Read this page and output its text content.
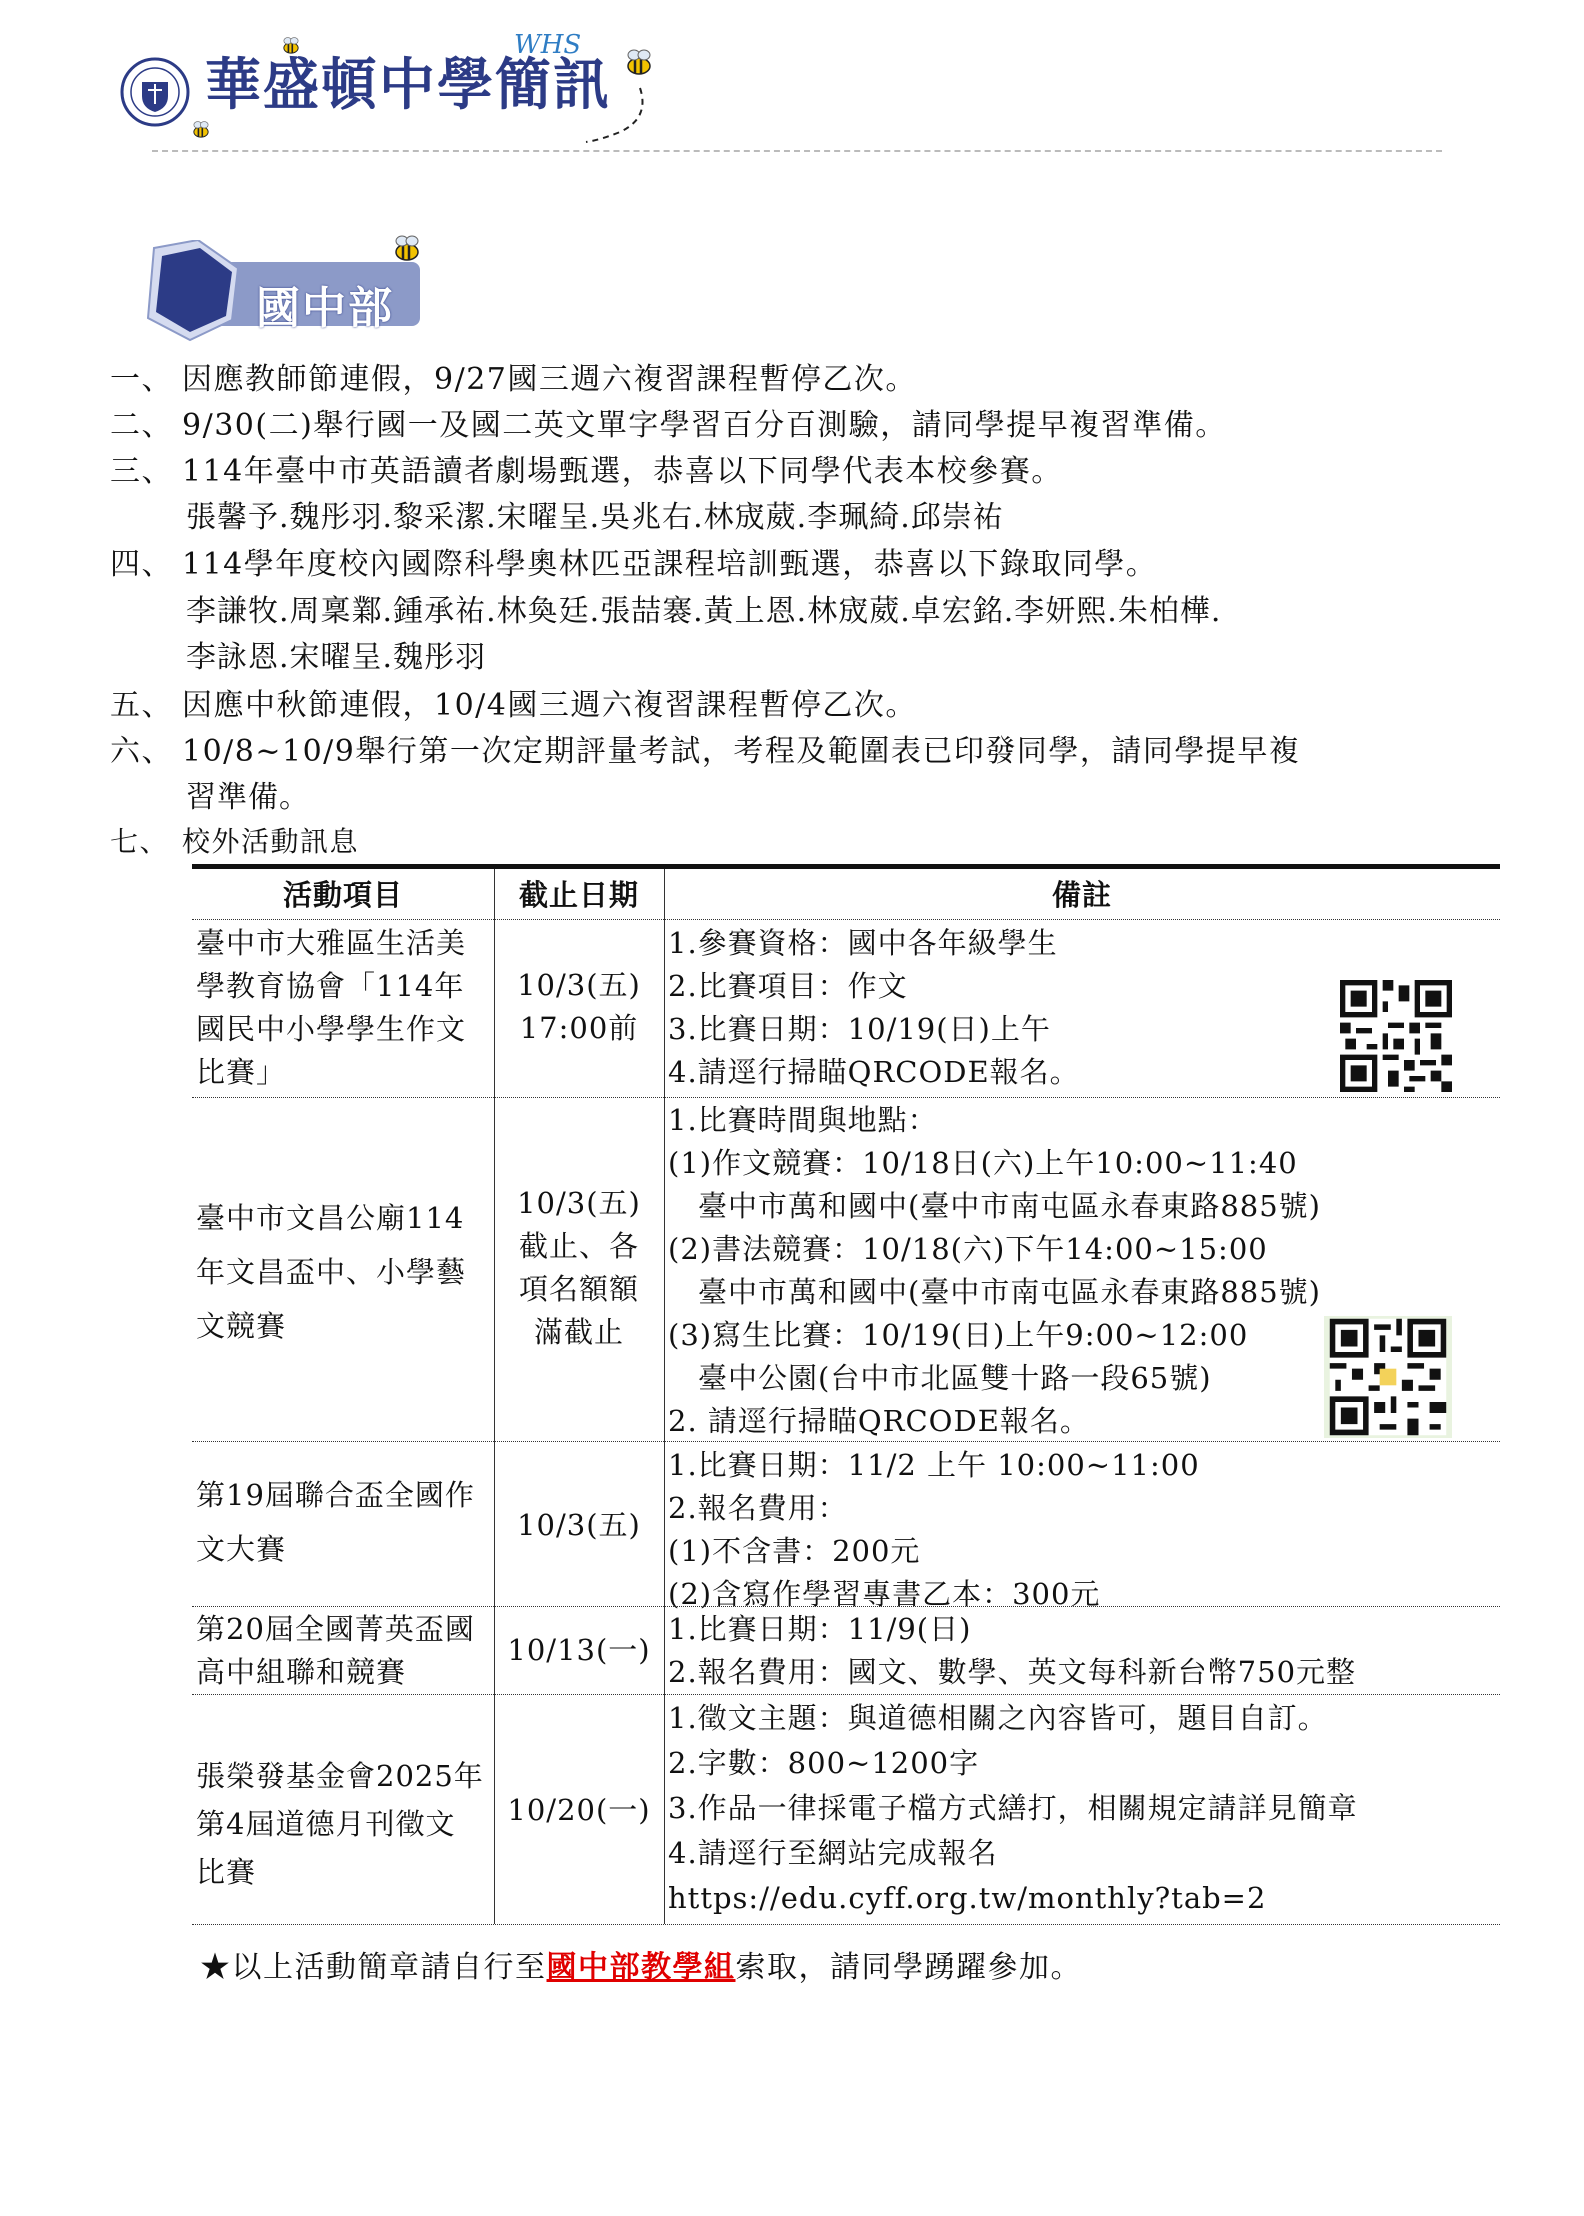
華盛頓中學簡訊
WHS
國中部
一、 因應教師節連假，9/27國三週六複習課程暫停乙次。
二、 9/30(二)舉行國一及國二英文單字學習百分百測驗，請同學提早複習準備。
三、 114年臺中市英語讀者劇場甄選，恭喜以下同學代表本校參賽。
張馨予.魏彤羽.黎采潔.宋曜呈.吳兆右.林宬葳.李珮綺.邱崇祐
四、 114學年度校內國際科學奧林匹亞課程培訓甄選，恭喜以下錄取同學。
李謙牧.周稟鄴.鍾承祐.林奐廷.張喆褰.黃上恩.林宬葳.卓宏銘.李妍熙.朱柏樺.
李詠恩.宋曜呈.魏彤羽
五、 因應中秋節連假，10/4國三週六複習課程暫停乙次。
六、 10/8~10/9舉行第一次定期評量考試，考程及範圍表已印發同學，請同學提早複
習準備。
七、 校外活動訊息
活動項目	截止日期	備註
臺中市大雅區生活美
學教育協會「114年
國民中小學學生作文
比賽」
10/3(五)
17:00前
1.參賽資格：國中各年級學生
2.比賽項目：作文
3.比賽日期：10/19(日)上午
4.請逕行掃瞄QRCODE報名。
臺中市文昌公廟114
年文昌盃中、小學藝
文競賽
10/3(五)
截止、各
項名額額
滿截止
1.比賽時間與地點：
(1)作文競賽：10/18日(六)上午10:00~11:40
　臺中市萬和國中(臺中市南屯區永春東路885號)
(2)書法競賽：10/18(六)下午14:00~15:00
　臺中市萬和國中(臺中市南屯區永春東路885號)
(3)寫生比賽：10/19(日)上午9:00~12:00
　臺中公園(台中市北區雙十路一段65號)
2. 請逕行掃瞄QRCODE報名。
第19屆聯合盃全國作
文大賽
10/3(五)
1.比賽日期：11/2 上午 10:00~11:00
2.報名費用：
(1)不含書：200元
(2)含寫作學習專書乙本：300元
第20屆全國菁英盃國
高中組聯和競賽
10/13(一)
1.比賽日期：11/9(日)
2.報名費用：國文、數學、英文每科新台幣750元整
張榮發基金會2025年
第4屆道德月刊徵文
比賽
10/20(一)
1.徵文主題：與道德相關之內容皆可，題目自訂。
2.字數：800~1200字
3.作品一律採電子檔方式繕打，相關規定請詳見簡章
4.請逕行至網站完成報名
https://edu.cyff.org.tw/monthly?tab=2
★以上活動簡章請自行至國中部教學組索取，請同學踴躍參加。
